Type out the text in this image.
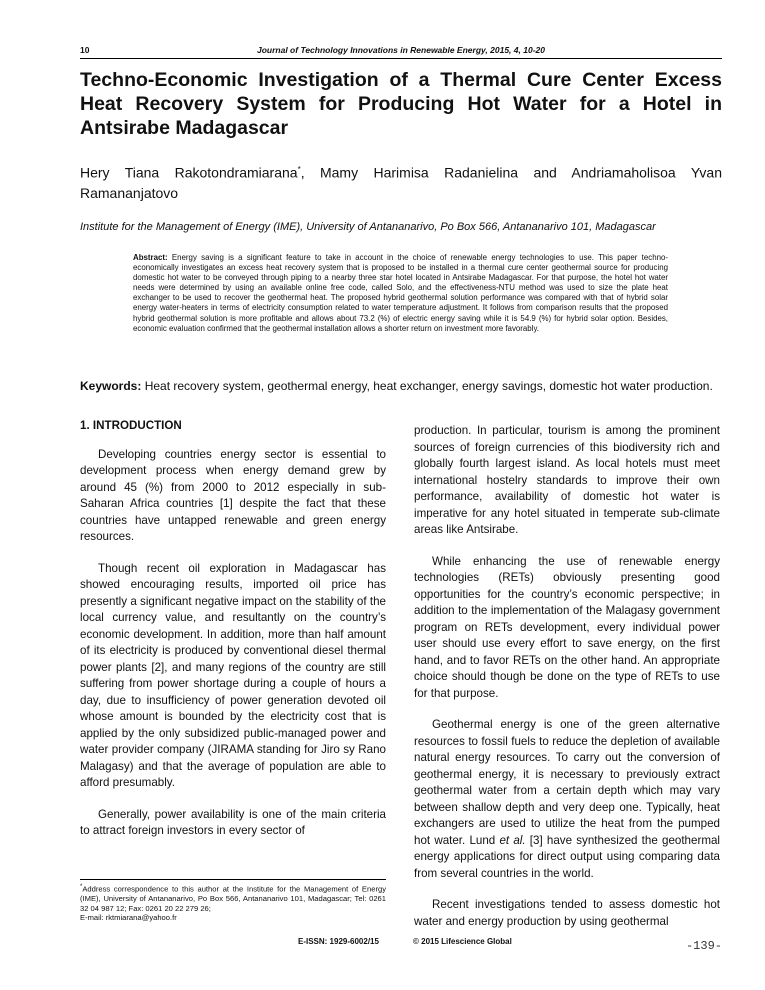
10	Journal of Technology Innovations in Renewable Energy, 2015, 4, 10-20
Techno-Economic Investigation of a Thermal Cure Center Excess Heat Recovery System for Producing Hot Water for a Hotel in Antsirabe Madagascar
Hery Tiana Rakotondramiarana*, Mamy Harimisa Radanielina and Andriamaholisoa Yvan Ramananjatovo
Institute for the Management of Energy (IME), University of Antananarivo, Po Box 566, Antananarivo 101, Madagascar
Abstract: Energy saving is a significant feature to take in account in the choice of renewable energy technologies to use. This paper techno-economically investigates an excess heat recovery system that is proposed to be installed in a thermal cure center geothermal source for producing domestic hot water to be conveyed through piping to a nearby three star hotel located in Antsirabe Madagascar. For that purpose, the hotel hot water needs were determined by using an available online free code, called Solo, and the effectiveness-NTU method was used to size the plate heat exchanger to be used to recover the geothermal heat. The proposed hybrid geothermal solution performance was compared with that of hybrid solar energy water-heaters in terms of electricity consumption related to water temperature adjustment. It follows from comparison results that the proposed hybrid geothermal solution is more profitable and allows about 73.2 (%) of electric energy saving while it is 54.9 (%) for hybrid solar option. Besides, economic evaluation confirmed that the geothermal installation allows a shorter return on investment more favorably.
Keywords: Heat recovery system, geothermal energy, heat exchanger, energy savings, domestic hot water production.
1. INTRODUCTION

Developing countries energy sector is essential to development process when energy demand grew by around 45 (%) from 2000 to 2012 especially in sub-Saharan Africa countries [1] despite the fact that these countries have untapped renewable and green energy resources.

Though recent oil exploration in Madagascar has showed encouraging results, imported oil price has presently a significant negative impact on the stability of the local currency value, and resultantly on the country’s economic development. In addition, more than half amount of its electricity is produced by conventional diesel thermal power plants [2], and many regions of the country are still suffering from power shortage during a couple of hours a day, due to insufficiency of power generation devoted oil whose amount is bounded by the electricity cost that is applied by the only subsidized public-managed power and water provider company (JIRAMA standing for Jiro sy Rano Malagasy) and that the average of population are able to afford presumably.

Generally, power availability is one of the main criteria to attract foreign investors in every sector of

production. In particular, tourism is among the prominent sources of foreign currencies of this biodiversity rich and globally fourth largest island. As local hotels must meet international hostelry standards to improve their own performance, availability of domestic hot water is imperative for any hotel situated in temperate sub-climate areas like Antsirabe.

While enhancing the use of renewable energy technologies (RETs) obviously presenting good opportunities for the country’s economic perspective; in addition to the implementation of the Malagasy government program on RETs development, every individual power user should use every effort to save energy, on the first hand, and to favor RETs on the other hand. An appropriate choice should though be done on the type of RETs to use for that purpose.

Geothermal energy is one of the green alternative resources to fossil fuels to reduce the depletion of available natural energy resources. To carry out the conversion of geothermal energy, it is necessary to previously extract geothermal water from a certain depth which may vary between shallow depth and very deep one. Typically, heat exchangers are used to utilize the heat from the pumped hot water. Lund et al. [3] have synthesized the geothermal energy applications for direct output using comparing data from several countries in the world.

Recent investigations tended to assess domestic hot water and energy production by using geothermal

*Address correspondence to this author at the Institute for the Management of Energy (IME), University of Antananarivo, Po Box 566, Antananarivo 101, Madagascar; Tel: 0261 32 04 987 12; Fax: 0261 20 22 279 26;
E-mail: rktmiarana@yahoo.fr
E-ISSN: 1929-6002/15	© 2015 Lifescience Global	-139-
